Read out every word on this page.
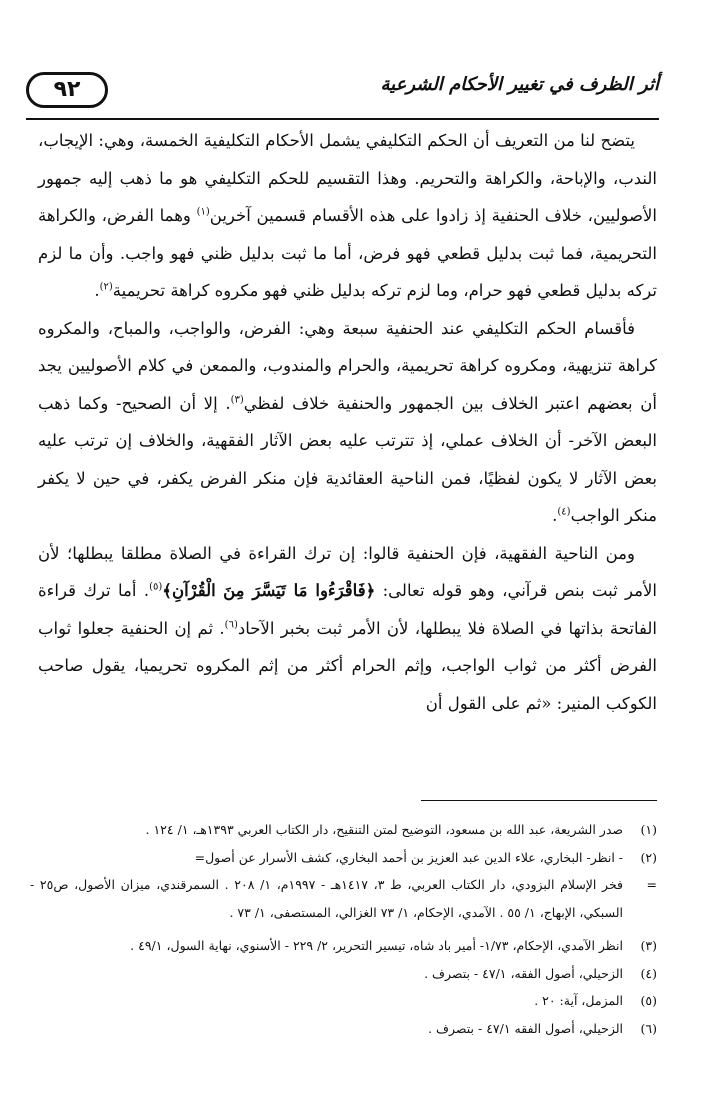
٩٢	أثر الظرف في تغيير الأحكام الشرعية

يتضح لنا من التعريف أن الحكم التكليفي يشمل الأحكام التكليفية الخمسة، وهي: الإيجاب، الندب، والإباحة، والكراهة والتحريم. وهذا التقسيم للحكم التكليفي هو ما ذهب إليه جمهور الأصوليين، خلاف الحنفية إذ زادوا على هذه الأقسام قسمين آخرين$^{(١)}$ وهما الفرض، والكراهة التحريمية، فما ثبت بدليل قطعي فهو فرض، أما ما ثبت بدليل ظني فهو واجب. وأن ما لزم تركه بدليل قطعي فهو حرام، وما لزم تركه بدليل ظني فهو مكروه كراهة تحريمية$^{(٢)}$.

فأقسام الحكم التكليفي عند الحنفية سبعة وهي: الفرض، والواجب، والمباح، والمكروه كراهة تنزيهية، ومكروه كراهة تحريمية، والحرام والمندوب، والممعن في كلام الأصوليين يجد أن بعضهم اعتبر الخلاف بين الجمهور والحنفية خلاف لفظي$^{(٣)}$. إلا أن الصحيح- وكما ذهب البعض الآخر- أن الخلاف عملي، إذ تترتب عليه بعض الآثار الفقهية، والخلاف إن ترتب عليه بعض الآثار لا يكون لفظيًا، فمن الناحية العقائدية فإن منكر الفرض يكفر، في حين لا يكفر منكر الواجب$^{(٤)}$.

ومن الناحية الفقهية، فإن الحنفية قالوا: إن ترك القراءة في الصلاة مطلقا يبطلها؛ لأن الأمر ثبت بنص قرآني، وهو قوله تعالى: ﴿فَاقْرَءُوا مَا تَيَسَّرَ مِنَ الْقُرْآنِ﴾$^{(٥)}$. أما ترك قراءة الفاتحة بذاتها في الصلاة فلا يبطلها، لأن الأمر ثبت بخبر الآحاد$^{(٦)}$. ثم إن الحنفية جعلوا ثواب الفرض أكثر من ثواب الواجب، وإثم الحرام أكثر من إثم المكروه تحريميا، يقول صاحب الكوكب المنير: «ثم على القول أن

(١)
صدر الشريعة، عبد الله بن مسعود، التوضيح لمتن التنقيح، دار الكتاب العربي ١٣٩٣هـ، ١/ ١٢٤ .
(٢)
- انظر- البخاري، علاء الدين عبد العزيز بن أحمد البخاري، كشف الأسرار عن أصول=
=
فخر الإسلام البزودي، دار الكتاب العربي، ط ٣، ١٤١٧هـ - ١٩٩٧م، ١/ ٢٠٨ . السمرقندي، ميزان الأصول، ص٢٥ - السبكي، الإبهاج، ١/ ٥٥ . الآمدي، الإحكام، ١/ ٧٣ الغزالي، المستصفى، ١/ ٧٣ .
(٣)
انظر الآمدي، الإحكام، ١/٧٣- أمير باد شاه، تيسير التحرير، ٢/ ٢٢٩ - الأسنوي، نهاية السول، ٤٩/١ .
(٤)
الزحيلي، أصول الفقه، ٤٧/١ - بتصرف .
(٥)
المزمل، آية: ٢٠ .
(٦)
الزحيلي، أصول الفقه ٤٧/١ - بتصرف .
